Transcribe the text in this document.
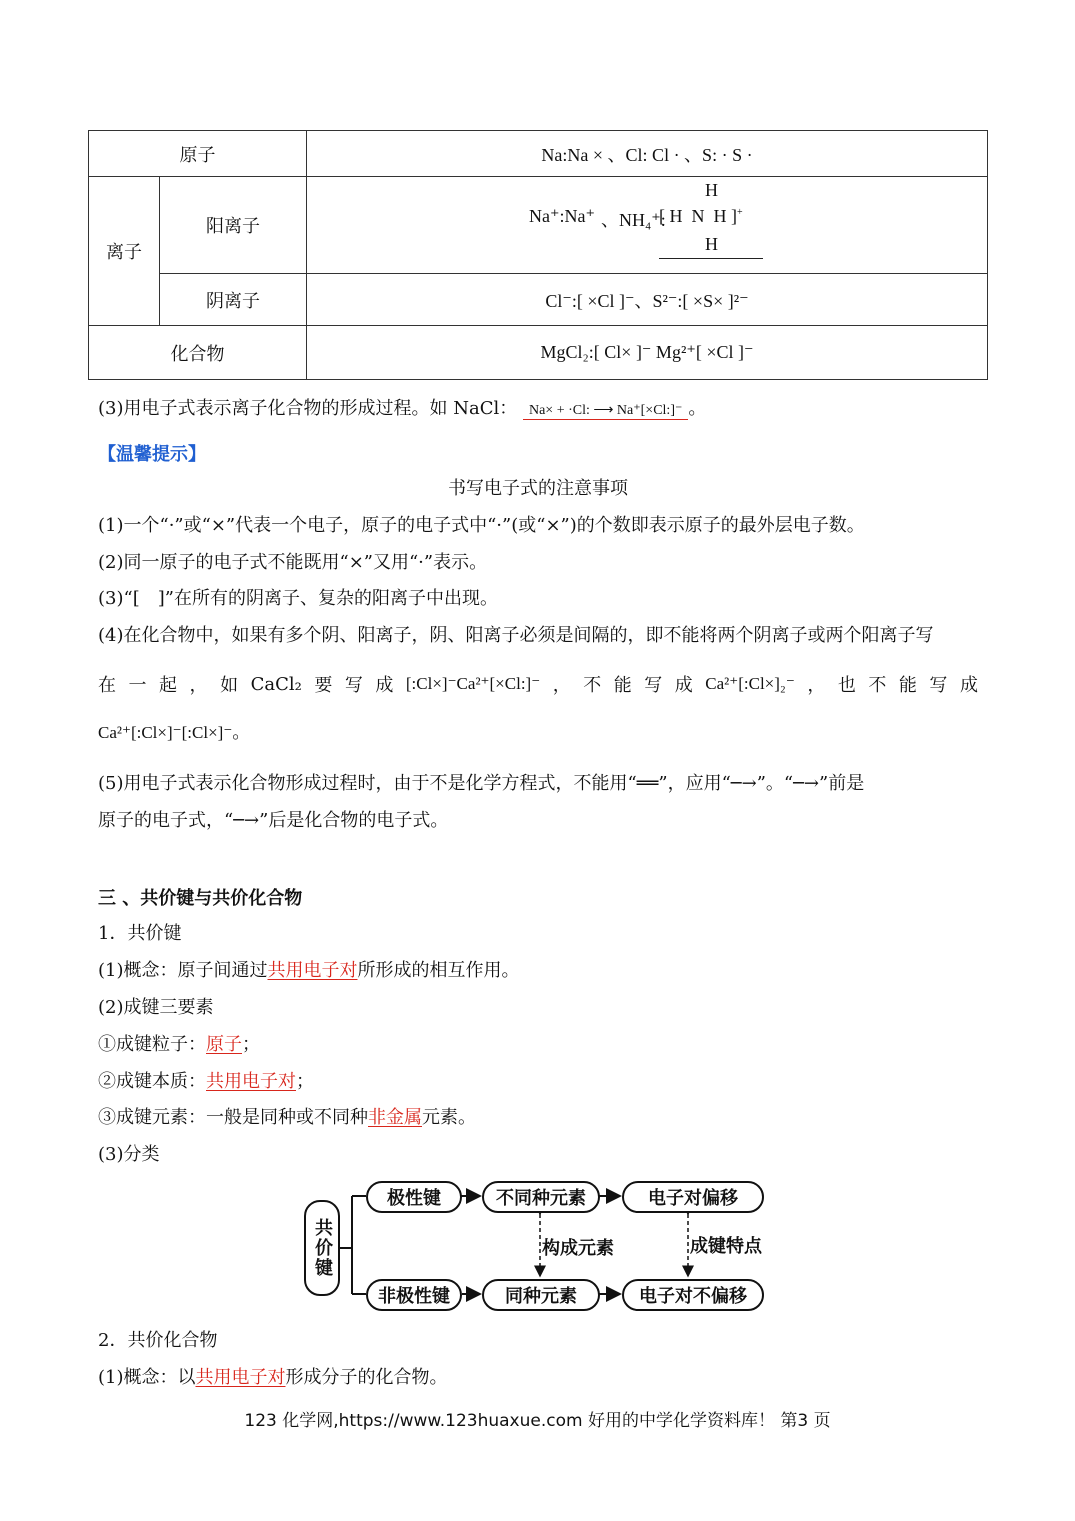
原子		Na:Na × 、Cl: Cl · 、S: · S ·
离子	阳离子	H
Na⁺:Na⁺ 、NH₄⁺:
[ H  N  H ]+
H

	阴离子	Cl⁻:[ ×Cl ]⁻、S²⁻:[ ×S× ]²⁻
化合物		MgCl₂:[ Cl× ]⁻ Mg²⁺[ ×Cl ]⁻
(3)用电子式表示离子化合物的形成过程。如 NaCl： Na× + ·Cl: ⟶ Na⁺[×Cl:]⁻ 。
【温馨提示】
书写电子式的注意事项
(1)一个“·”或“×”代表一个电子，原子的电子式中“·”(或“×”)的个数即表示原子的最外层电子数。
(2)同一原子的电子式不能既用“×”又用“·”表示。
(3)“[　]”在所有的阴离子、复杂的阳离子中出现。
(4)在化合物中，如果有多个阴、阳离子，阴、阳离子必须是间隔的，即不能将两个阴离子或两个阳离子写
在 一 起 ， 如 CaCl₂ 要 写 成 [:Cl×]⁻Ca²⁺[×Cl:]⁻ ， 不 能 写 成 Ca²⁺[:Cl×]₂⁻ ， 也 不 能 写 成
Ca²⁺[:Cl×]⁻[:Cl×]⁻。
(5)用电子式表示化合物形成过程时，由于不是化学方程式，不能用“══”，应用“─→”。“─→”前是
原子的电子式，“─→”后是化合物的电子式。
三 、共价键与共价化合物
1．共价键
(1)概念：原子间通过共用电子对所形成的相互作用。
(2)成键三要素
①成键粒子：原子；
②成键本质：共用电子对；
③成键元素：一般是同种或不同种非金属元素。
(3)分类
共价键
极性键
非极性键
不同种元素
同种元素
电子对偏移
电子对不偏移
构成元素	成键特点
2．共价化合物
(1)概念：以共用电子对形成分子的化合物。
123 化学网,https://www.123huaxue.com 好用的中学化学资料库！ 第3 页
